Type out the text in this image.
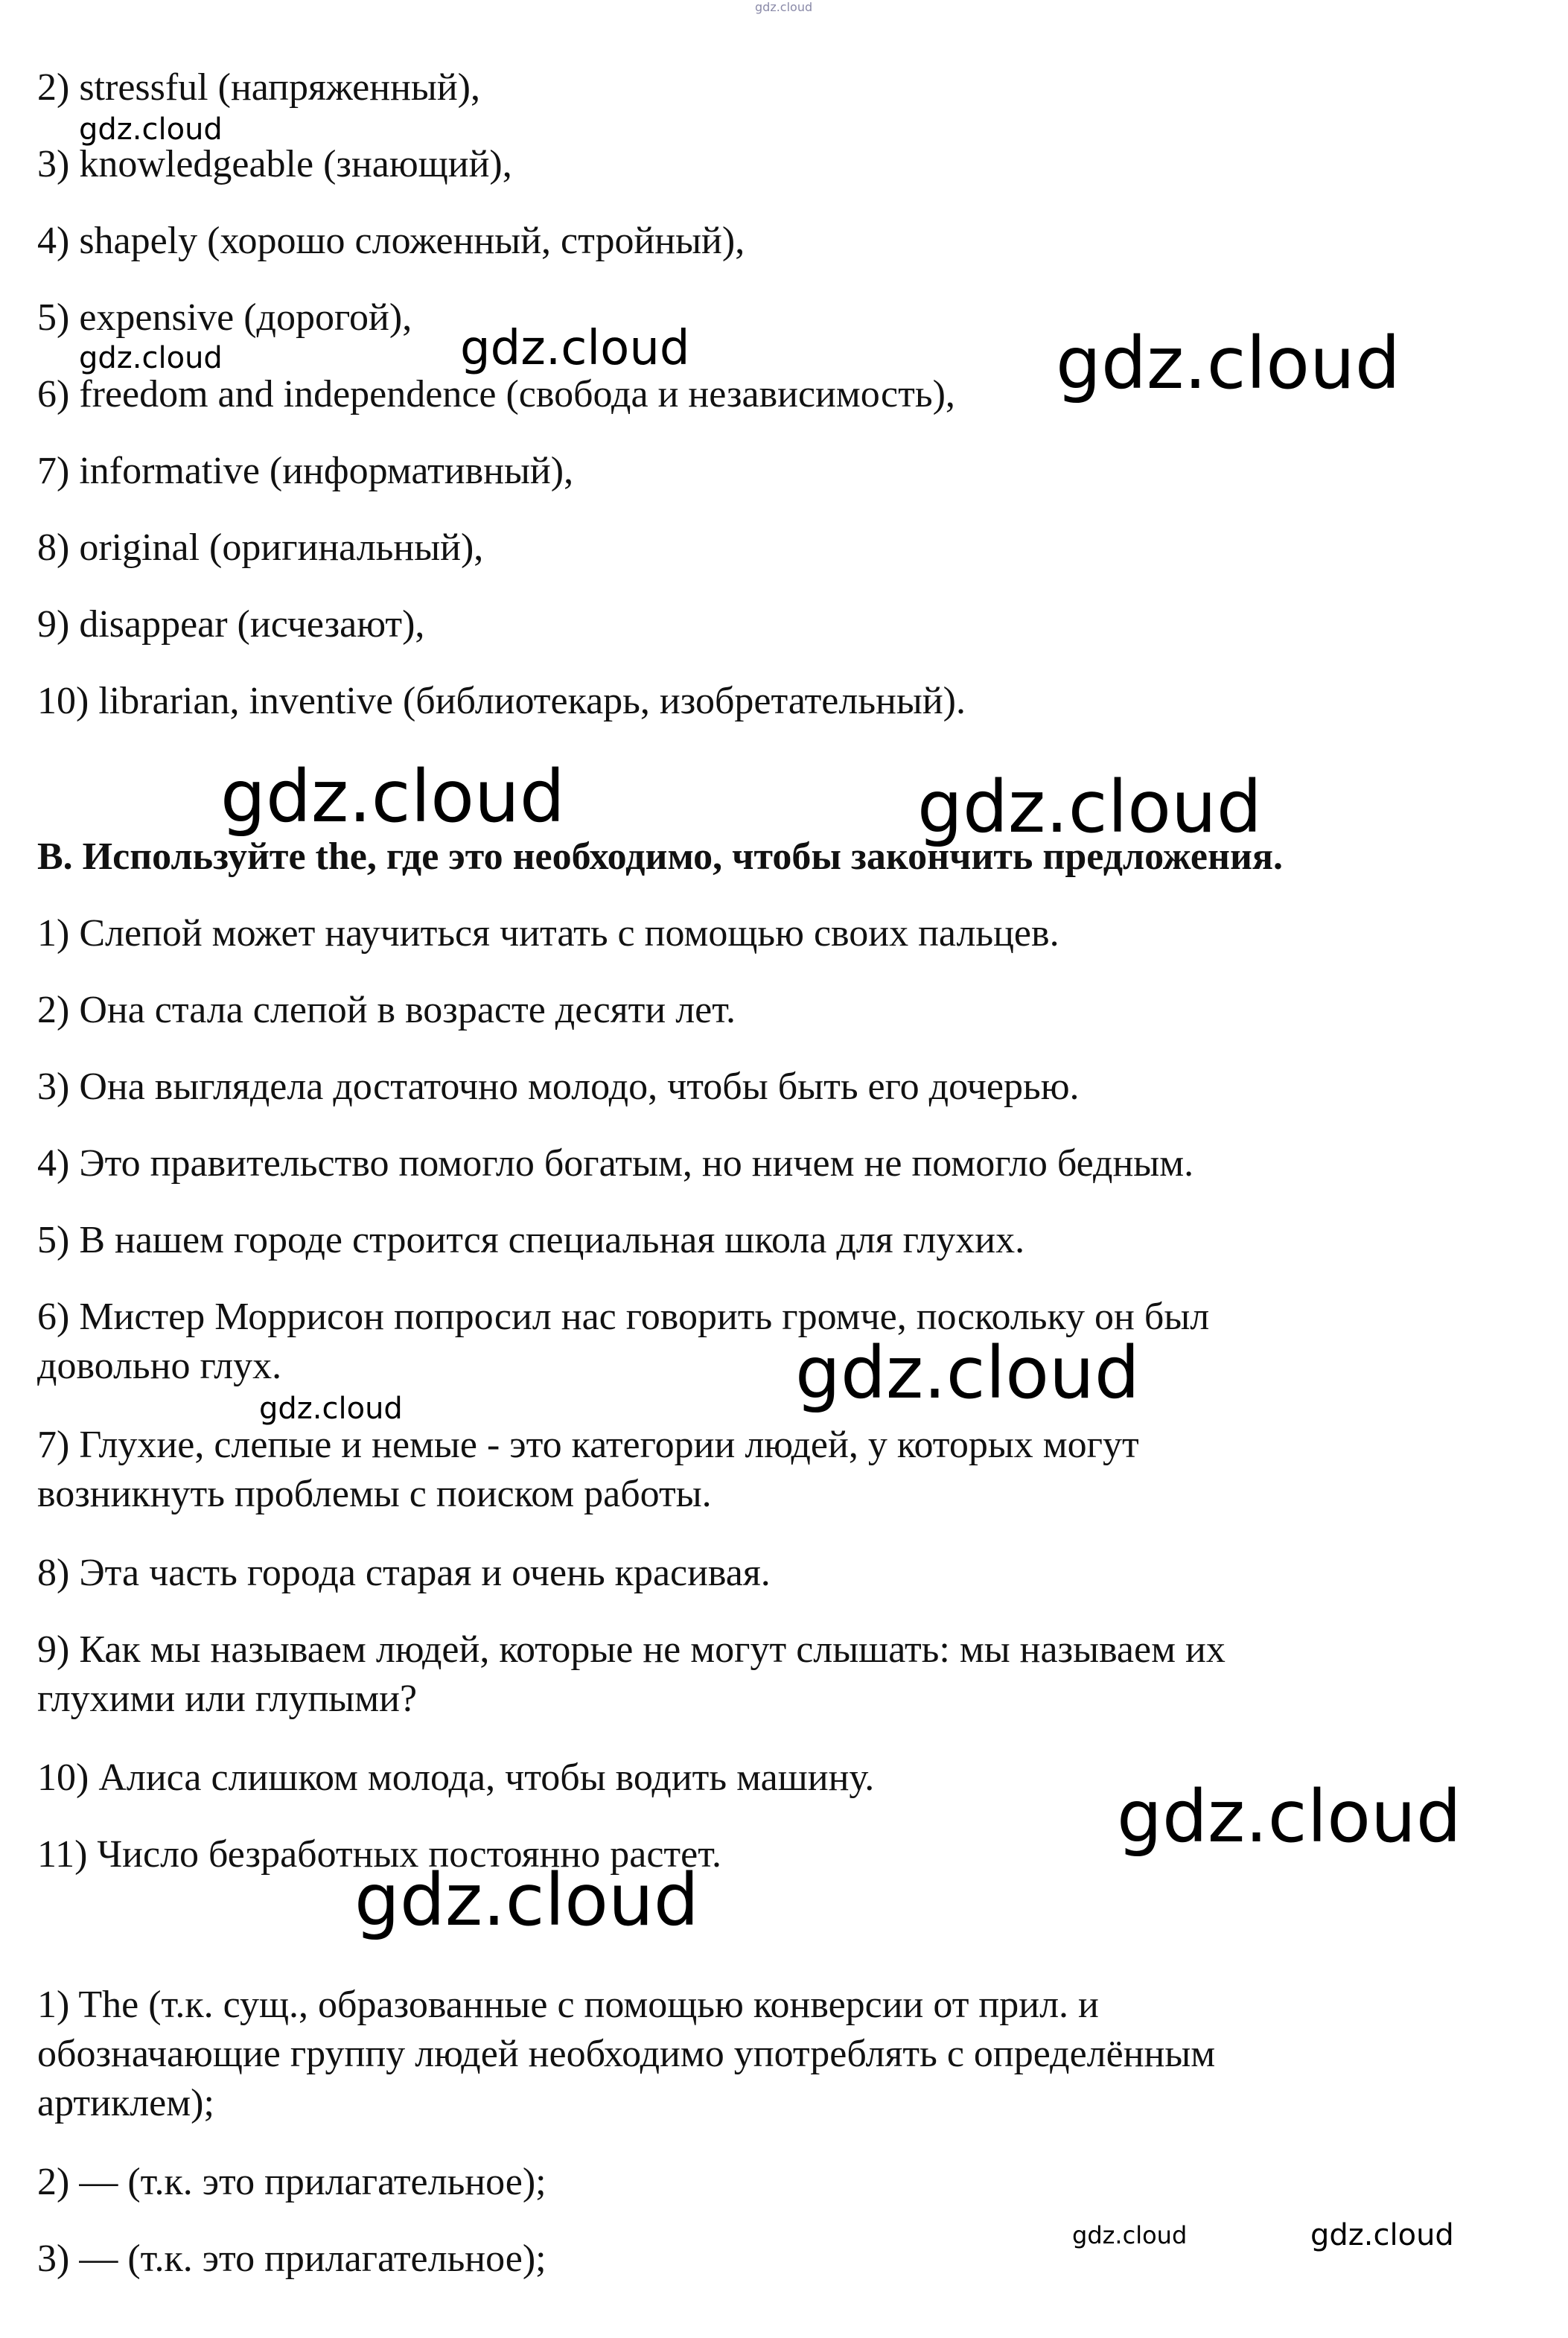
2) stressful (напряженный),

3) knowledgeable (знающий),

4) shapely (хорошо сложенный, стройный),

5) expensive (дорогой),

6) freedom and independence (свобода и независимость),

7) informative (информативный),

8) original (оригинальный),

9) disappear (исчезают),

10) librarian, inventive (библиотекарь, изобретательный).

B. Используйте the, где это необходимо, чтобы закончить предложения.

1) Слепой может научиться читать с помощью своих пальцев.

2) Она стала слепой в возрасте десяти лет.

3) Она выглядела достаточно молодо, чтобы быть его дочерью.

4) Это правительство помогло богатым, но ничем не помогло бедным.

5) В нашем городе строится специальная школа для глухих.

6) Мистер Моррисон попросил нас говорить громче, поскольку он был

довольно глух.

7) Глухие, слепые и немые - это категории людей, у которых могут

возникнуть проблемы с поиском работы.

8) Эта часть города старая и очень красивая.

9) Как мы называем людей, которые не могут слышать: мы называем их

глухими или глупыми?

10) Алиса слишком молода, чтобы водить машину.

11) Число безработных постоянно растет.

1) The (т.к. сущ., образованные с помощью конверсии от прил. и

обозначающие группу людей необходимо употреблять с определённым

артиклем);

2) — (т.к. это прилагательное);

3) — (т.к. это прилагательное);

gdz.cloud
gdz.cloud
gdz.cloud	gdz.cloud	gdz.cloud
gdz.cloud	gdz.cloud
gdz.cloud
gdz.cloud
gdz.cloud
gdz.cloud
gdz.cloud	gdz.cloud
